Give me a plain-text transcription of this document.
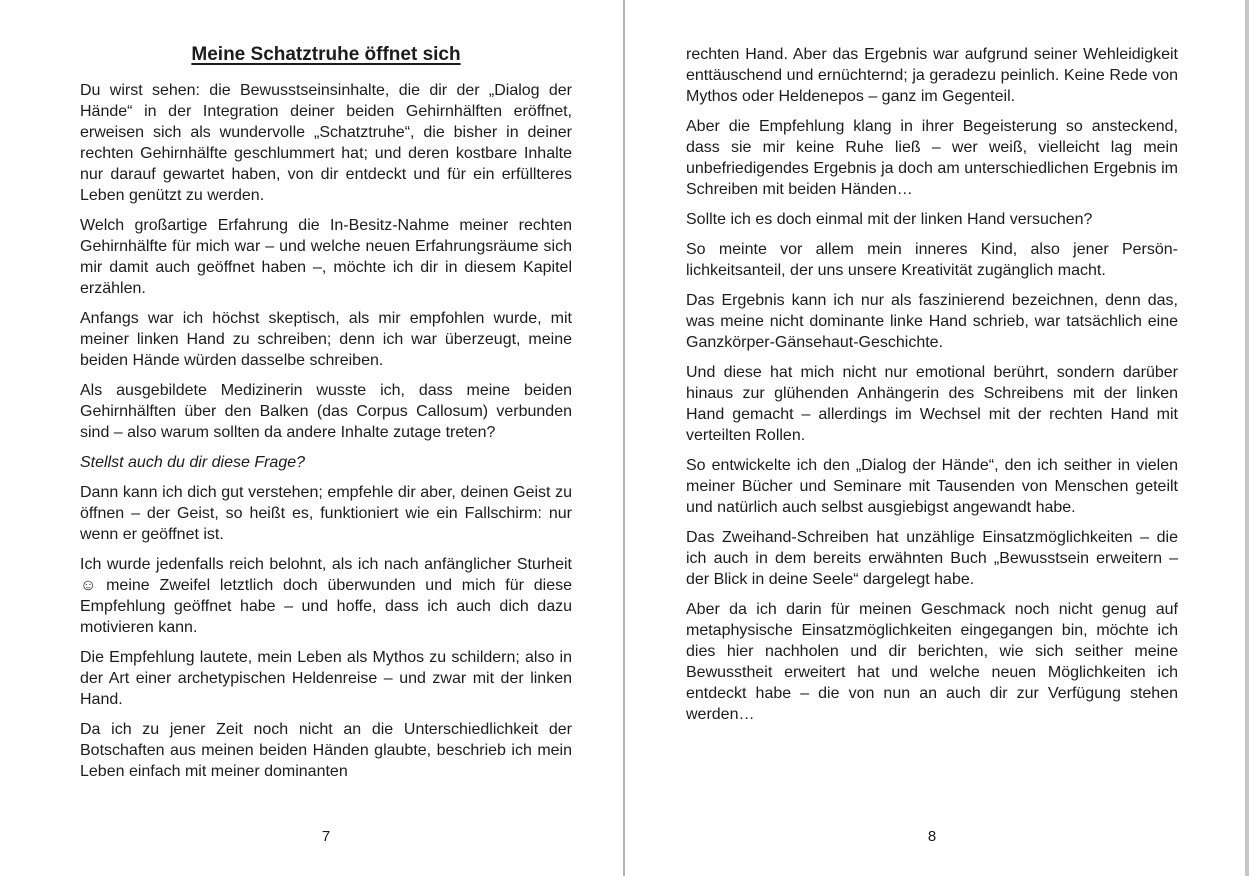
Meine Schatztruhe öffnet sich

Du wirst sehen: die Bewusstseinsinhalte, die dir der „Dialog der Hände“ in der Integration deiner beiden Gehirnhälften eröffnet, erweisen sich als wundervolle „Schatztruhe“, die bisher in deiner rechten Gehirnhälfte geschlummert hat; und deren kostbare Inhalte nur darauf gewartet haben, von dir entdeckt und für ein erfüllteres Leben genützt zu werden.

Welch großartige Erfahrung die In-Besitz-Nahme meiner rechten Gehirnhälfte für mich war – und welche neuen Erfahrungsräume sich mir damit auch geöffnet haben –, möchte ich dir in diesem Kapitel erzählen.

Anfangs war ich höchst skeptisch, als mir empfohlen wurde, mit meiner linken Hand zu schreiben; denn ich war überzeugt, meine beiden Hände würden dasselbe schreiben.

Als ausgebildete Medizinerin wusste ich, dass meine beiden Gehirnhälften über den Balken (das Corpus Callosum) verbunden sind – also warum sollten da andere Inhalte zutage treten?

Stellst auch du dir diese Frage?

Dann kann ich dich gut verstehen; empfehle dir aber, deinen Geist zu öffnen – der Geist, so heißt es, funktioniert wie ein Fallschirm: nur wenn er geöffnet ist.

Ich wurde jedenfalls reich belohnt, als ich nach anfänglicher Sturheit ☺ meine Zweifel letztlich doch überwunden und mich für diese Empfehlung geöffnet habe – und hoffe, dass ich auch dich dazu motivieren kann.

Die Empfehlung lautete, mein Leben als Mythos zu schildern; also in der Art einer archetypischen Heldenreise – und zwar mit der linken Hand.

Da ich zu jener Zeit noch nicht an die Unterschiedlichkeit der Botschaften aus meinen beiden Händen glaubte, beschrieb ich mein Leben einfach mit meiner dominanten

7

rechten Hand. Aber das Ergebnis war aufgrund seiner Wehleidigkeit enttäuschend und ernüchternd; ja geradezu peinlich. Keine Rede von Mythos oder Heldenepos – ganz im Gegenteil.

Aber die Empfehlung klang in ihrer Begeisterung so ansteckend, dass sie mir keine Ruhe ließ – wer weiß, vielleicht lag mein unbefriedigendes Ergebnis ja doch am unterschiedlichen Ergebnis im Schreiben mit beiden Händen…

Sollte ich es doch einmal mit der linken Hand versuchen?

So meinte vor allem mein inneres Kind, also jener Persönlichkeitsanteil, der uns unsere Kreativität zugänglich macht.

Das Ergebnis kann ich nur als faszinierend bezeichnen, denn das, was meine nicht dominante linke Hand schrieb, war tatsächlich eine Ganzkörper-Gänsehaut-Geschichte.

Und diese hat mich nicht nur emotional berührt, sondern darüber hinaus zur glühenden Anhängerin des Schreibens mit der linken Hand gemacht – allerdings im Wechsel mit der rechten Hand mit verteilten Rollen.

So entwickelte ich den „Dialog der Hände“, den ich seither in vielen meiner Bücher und Seminare mit Tausenden von Menschen geteilt und natürlich auch selbst ausgiebigst angewandt habe.

Das Zweihand-Schreiben hat unzählige Einsatzmöglichkeiten – die ich auch in dem bereits erwähnten Buch „Bewusstsein erweitern – der Blick in deine Seele“ dargelegt habe.

Aber da ich darin für meinen Geschmack noch nicht genug auf metaphysische Einsatzmöglichkeiten eingegangen bin, möchte ich dies hier nachholen und dir berichten, wie sich seither meine Bewusstheit erweitert hat und welche neuen Möglichkeiten ich entdeckt habe – die von nun an auch dir zur Verfügung stehen werden…

8
